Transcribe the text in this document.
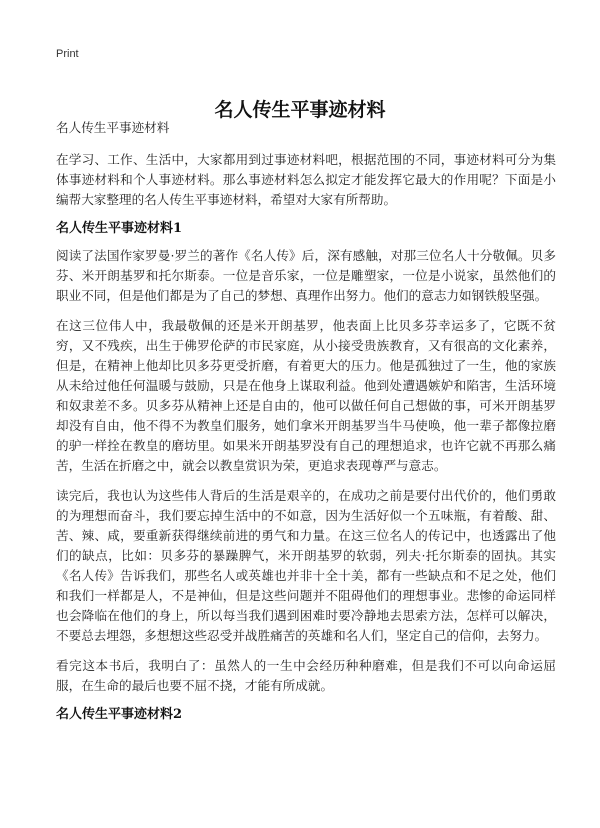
Print
名人传生平事迹材料

名人传生平事迹材料

在学习、工作、生活中，大家都用到过事迹材料吧，根据范围的不同，事迹材料可分为集体事迹材料和个人事迹材料。那么事迹材料怎么拟定才能发挥它最大的作用呢？下面是小编帮大家整理的名人传生平事迹材料，希望对大家有所帮助。

名人传生平事迹材料1

阅读了法国作家罗曼·罗兰的著作《名人传》后，深有感触，对那三位名人十分敬佩。贝多芬、米开朗基罗和托尔斯泰。一位是音乐家，一位是雕塑家，一位是小说家，虽然他们的职业不同，但是他们都是为了自己的梦想、真理作出努力。他们的意志力如钢铁般坚强。

在这三位伟人中，我最敬佩的还是米开朗基罗，他表面上比贝多芬幸运多了，它既不贫穷，又不残疾，出生于佛罗伦萨的市民家庭，从小接受贵族教育，又有很高的文化素养，但是，在精神上他却比贝多芬更受折磨，有着更大的压力。他是孤独过了一生，他的家族从未给过他任何温暖与鼓励，只是在他身上谋取利益。他到处遭遇嫉妒和陷害，生活环境和奴隶差不多。贝多芬从精神上还是自由的，他可以做任何自己想做的事，可米开朗基罗却没有自由，他不得不为教皇们服务，她们拿米开朗基罗当牛马使唤，他一辈子都像拉磨的驴一样拴在教皇的磨坊里。如果米开朗基罗没有自己的理想追求，也许它就不再那么痛苦，生活在折磨之中，就会以教皇赏识为荣，更追求表现尊严与意志。

读完后，我也认为这些伟人背后的生活是艰辛的，在成功之前是要付出代价的，他们勇敢的为理想而奋斗，我们要忘掉生活中的不如意，因为生活好似一个五味瓶，有着酸、甜、苦、辣、咸，要重新获得继续前进的勇气和力量。在这三位名人的传记中，也透露出了他们的缺点，比如：贝多芬的暴躁脾气，米开朗基罗的软弱，列夫·托尔斯泰的固执。其实《名人传》告诉我们，那些名人或英雄也并非十全十美，都有一些缺点和不足之处，他们和我们一样都是人，不是神仙，但是这些问题并不阻碍他们的理想事业。悲惨的命运同样也会降临在他们的身上，所以每当我们遇到困难时要冷静地去思索方法，怎样可以解决，不要总去埋怨，多想想这些忍受并战胜痛苦的英雄和名人们，坚定自己的信仰，去努力。

看完这本书后，我明白了：虽然人的一生中会经历种种磨难，但是我们不可以向命运屈服，在生命的最后也要不屈不挠，才能有所成就。

名人传生平事迹材料2
